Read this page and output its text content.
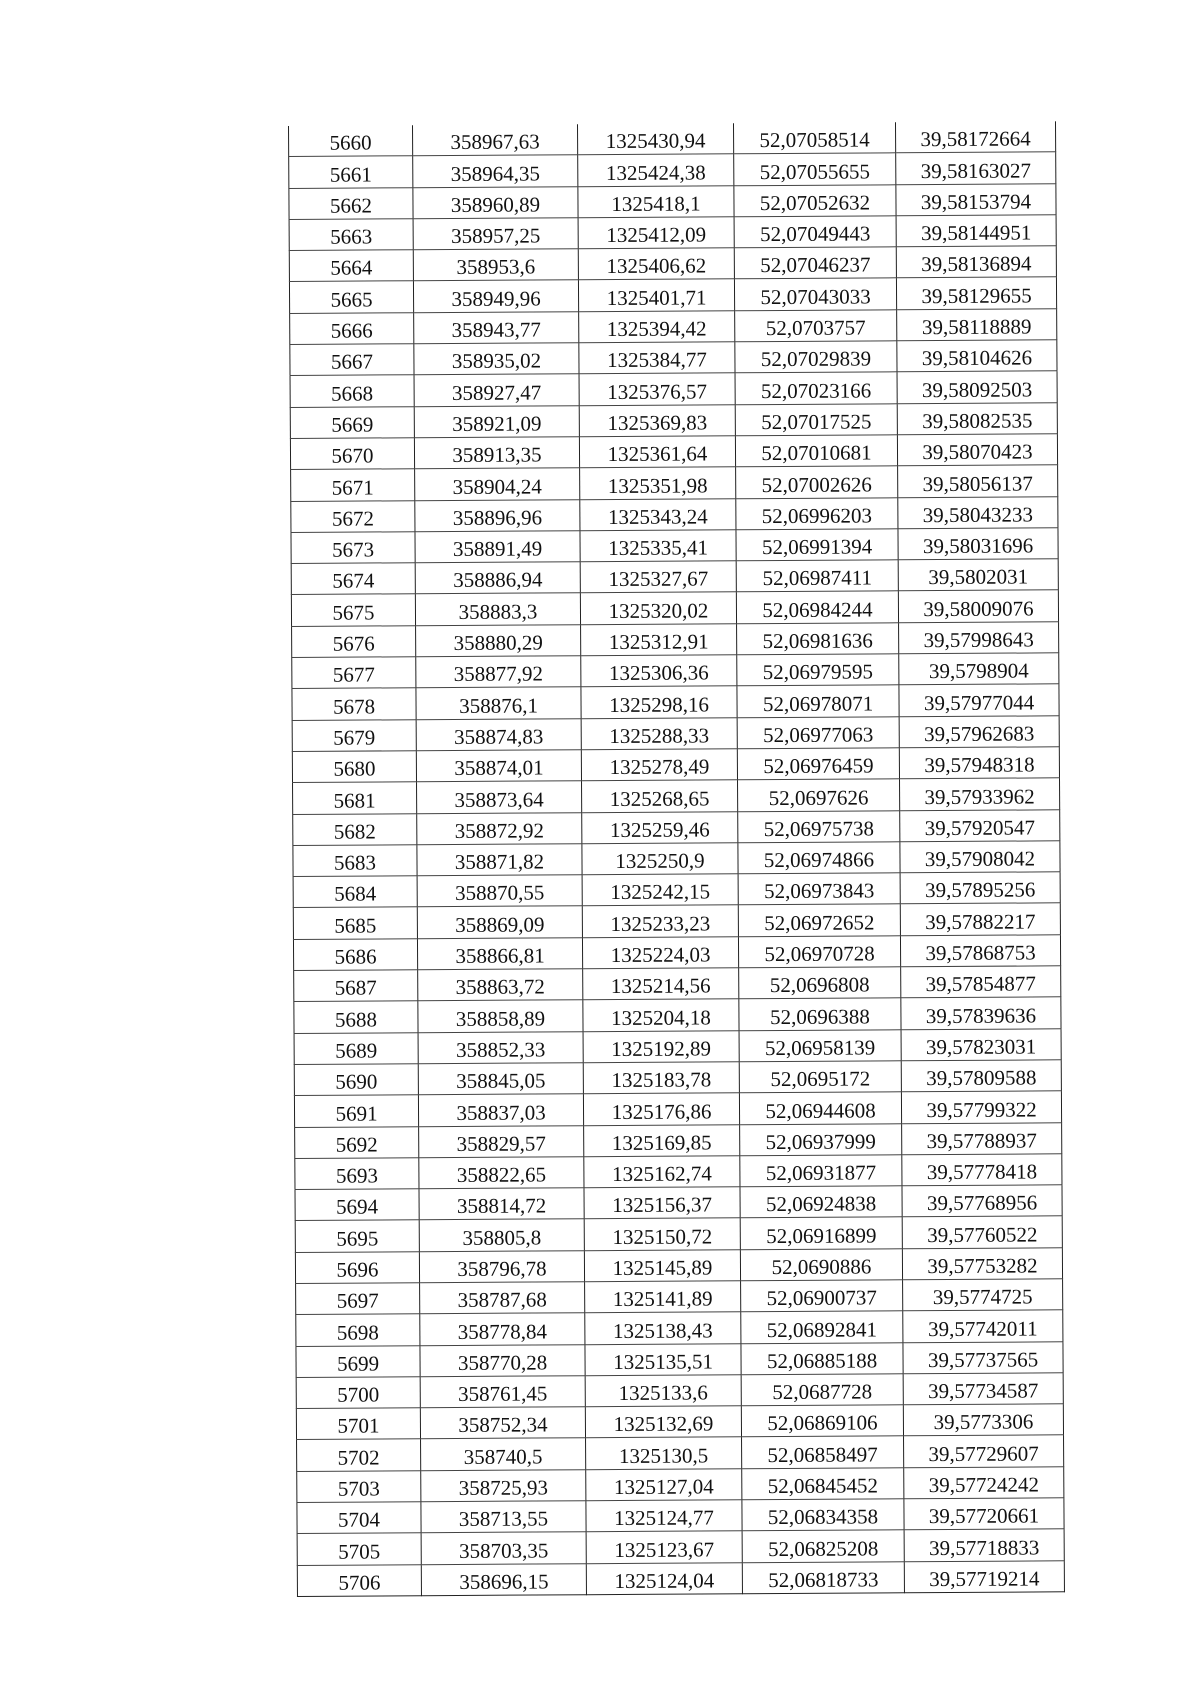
5660	358967,63	1325430,94	52,07058514	39,58172664
5661	358964,35	1325424,38	52,07055655	39,58163027
5662	358960,89	1325418,1	52,07052632	39,58153794
5663	358957,25	1325412,09	52,07049443	39,58144951
5664	358953,6	1325406,62	52,07046237	39,58136894
5665	358949,96	1325401,71	52,07043033	39,58129655
5666	358943,77	1325394,42	52,0703757	39,58118889
5667	358935,02	1325384,77	52,07029839	39,58104626
5668	358927,47	1325376,57	52,07023166	39,58092503
5669	358921,09	1325369,83	52,07017525	39,58082535
5670	358913,35	1325361,64	52,07010681	39,58070423
5671	358904,24	1325351,98	52,07002626	39,58056137
5672	358896,96	1325343,24	52,06996203	39,58043233
5673	358891,49	1325335,41	52,06991394	39,58031696
5674	358886,94	1325327,67	52,06987411	39,5802031
5675	358883,3	1325320,02	52,06984244	39,58009076
5676	358880,29	1325312,91	52,06981636	39,57998643
5677	358877,92	1325306,36	52,06979595	39,5798904
5678	358876,1	1325298,16	52,06978071	39,57977044
5679	358874,83	1325288,33	52,06977063	39,57962683
5680	358874,01	1325278,49	52,06976459	39,57948318
5681	358873,64	1325268,65	52,0697626	39,57933962
5682	358872,92	1325259,46	52,06975738	39,57920547
5683	358871,82	1325250,9	52,06974866	39,57908042
5684	358870,55	1325242,15	52,06973843	39,57895256
5685	358869,09	1325233,23	52,06972652	39,57882217
5686	358866,81	1325224,03	52,06970728	39,57868753
5687	358863,72	1325214,56	52,0696808	39,57854877
5688	358858,89	1325204,18	52,0696388	39,57839636
5689	358852,33	1325192,89	52,06958139	39,57823031
5690	358845,05	1325183,78	52,0695172	39,57809588
5691	358837,03	1325176,86	52,06944608	39,57799322
5692	358829,57	1325169,85	52,06937999	39,57788937
5693	358822,65	1325162,74	52,06931877	39,57778418
5694	358814,72	1325156,37	52,06924838	39,57768956
5695	358805,8	1325150,72	52,06916899	39,57760522
5696	358796,78	1325145,89	52,0690886	39,57753282
5697	358787,68	1325141,89	52,06900737	39,5774725
5698	358778,84	1325138,43	52,06892841	39,57742011
5699	358770,28	1325135,51	52,06885188	39,57737565
5700	358761,45	1325133,6	52,0687728	39,57734587
5701	358752,34	1325132,69	52,06869106	39,5773306
5702	358740,5	1325130,5	52,06858497	39,57729607
5703	358725,93	1325127,04	52,06845452	39,57724242
5704	358713,55	1325124,77	52,06834358	39,57720661
5705	358703,35	1325123,67	52,06825208	39,57718833
5706	358696,15	1325124,04	52,06818733	39,57719214
